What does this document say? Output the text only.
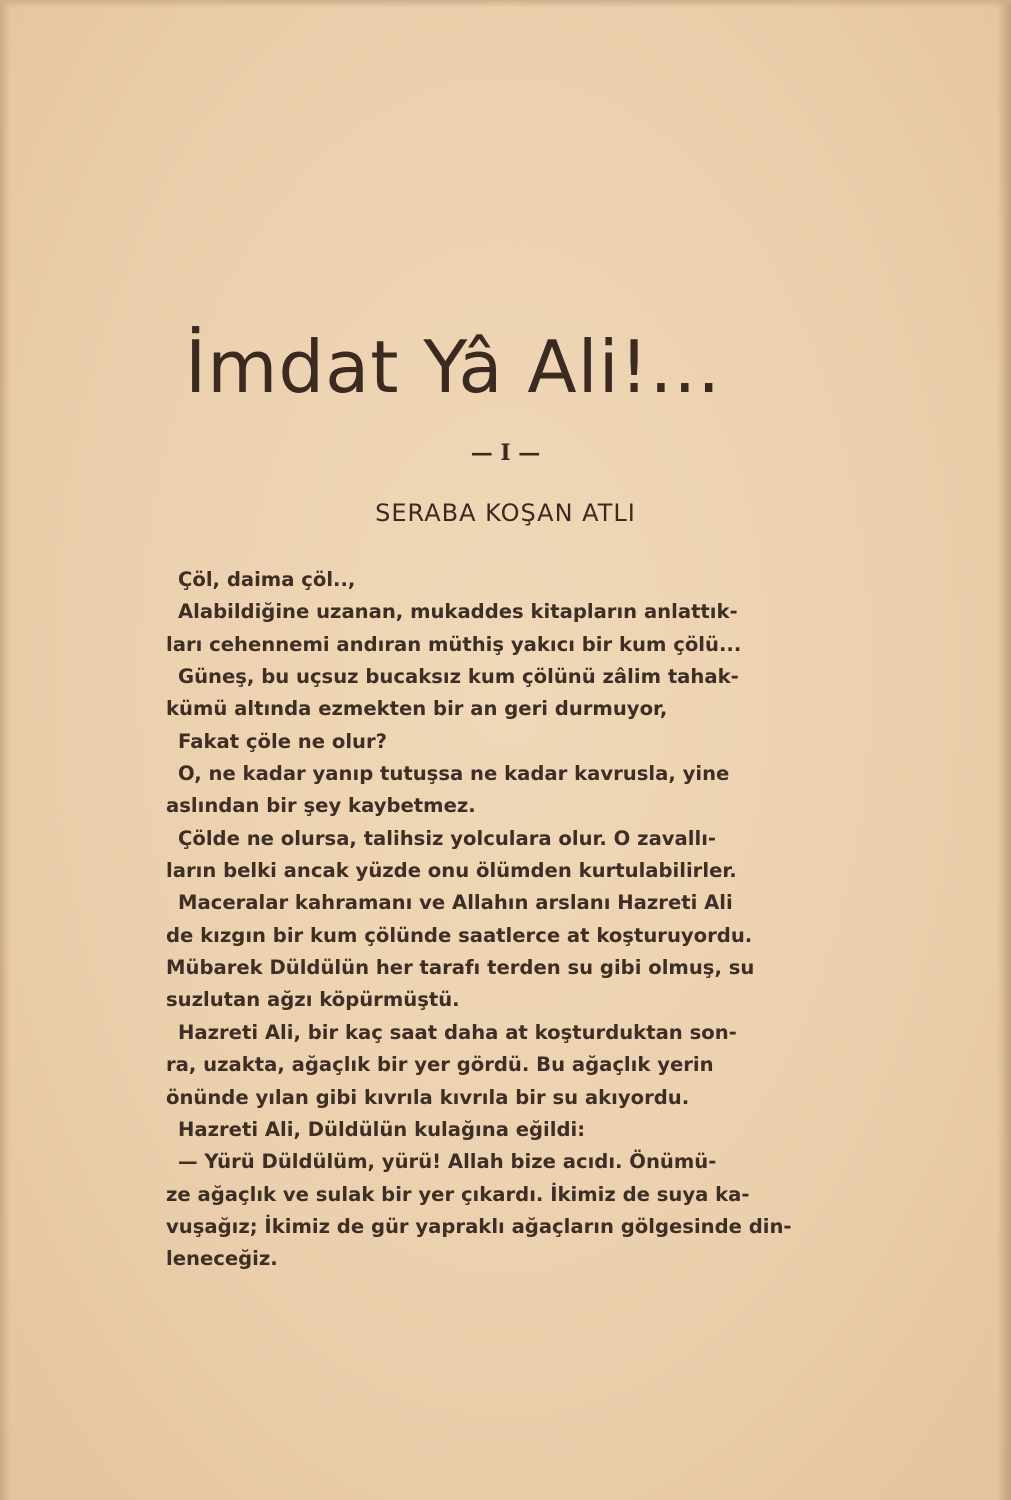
İmdat Yâ Ali!...
— I —
SERABA KOŞAN ATLI
Çöl, daima çöl..,
Alabildiğine uzanan, mukaddes kitapların anlattık-
ları cehennemi andıran müthiş yakıcı bir kum çölü...
Güneş, bu uçsuz bucaksız kum çölünü zâlim tahak-
kümü altında ezmekten bir an geri durmuyor,
Fakat çöle ne olur?
O, ne kadar yanıp tutuşsa ne kadar kavrusla, yine
aslından bir şey kaybetmez.
Çölde ne olursa, talihsiz yolculara olur. O zavallı-
ların belki ancak yüzde onu ölümden kurtulabilirler.
Maceralar kahramanı ve Allahın arslanı Hazreti Ali
de kızgın bir kum çölünde saatlerce at koşturuyordu.
Mübarek Düldülün her tarafı terden su gibi olmuş, su
suzlutan ağzı köpürmüştü.
Hazreti Ali, bir kaç saat daha at koşturduktan son-
ra, uzakta, ağaçlık bir yer gördü. Bu ağaçlık yerin
önünde yılan gibi kıvrıla kıvrıla bir su akıyordu.
Hazreti Ali, Düldülün kulağına eğildi:
— Yürü Düldülüm, yürü! Allah bize acıdı. Önümü-
ze ağaçlık ve sulak bir yer çıkardı. İkimiz de suya ka-
vuşağız; İkimiz de gür yapraklı ağaçların gölgesinde din-
leneceğiz.
